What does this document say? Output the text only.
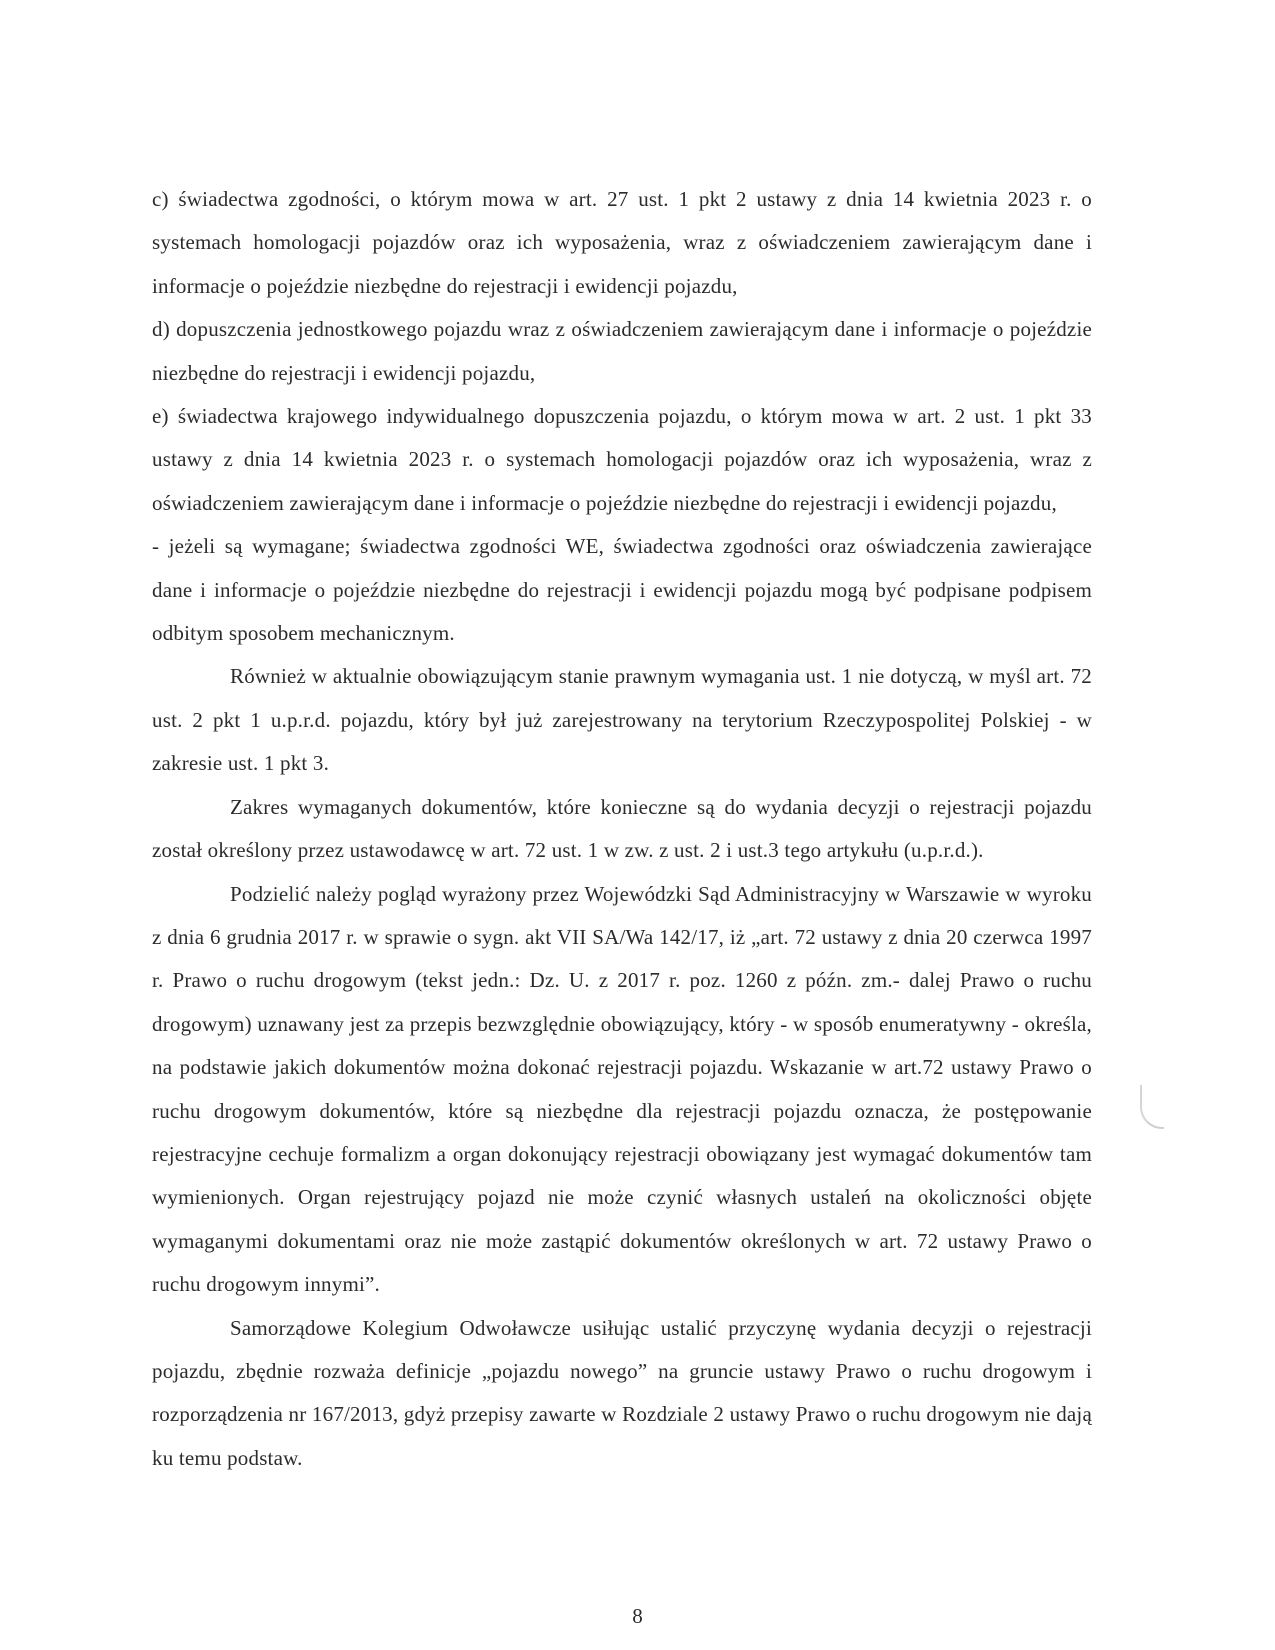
c) świadectwa zgodności, o którym mowa w art. 27 ust. 1 pkt 2 ustawy z dnia 14 kwietnia 2023 r. o systemach homologacji pojazdów oraz ich wyposażenia, wraz z oświadczeniem zawierającym dane i informacje o pojeździe niezbędne do rejestracji i ewidencji pojazdu,

d) dopuszczenia jednostkowego pojazdu wraz z oświadczeniem zawierającym dane i informacje o pojeździe niezbędne do rejestracji i ewidencji pojazdu,

e) świadectwa krajowego indywidualnego dopuszczenia pojazdu, o którym mowa w art. 2 ust. 1 pkt 33 ustawy z dnia 14 kwietnia 2023 r. o systemach homologacji pojazdów oraz ich wyposażenia, wraz z oświadczeniem zawierającym dane i informacje o pojeździe niezbędne do rejestracji i ewidencji pojazdu,

- jeżeli są wymagane; świadectwa zgodności WE, świadectwa zgodności oraz oświadczenia zawierające dane i informacje o pojeździe niezbędne do rejestracji i ewidencji pojazdu mogą być podpisane podpisem odbitym sposobem mechanicznym.

Również w aktualnie obowiązującym stanie prawnym wymagania ust. 1 nie dotyczą, w myśl art. 72 ust. 2 pkt 1 u.p.r.d. pojazdu, który był już zarejestrowany na terytorium Rzeczypospolitej Polskiej - w zakresie ust. 1 pkt 3.

Zakres wymaganych dokumentów, które konieczne są do wydania decyzji o rejestracji pojazdu został określony przez ustawodawcę w art. 72 ust. 1 w zw. z ust. 2 i ust.3 tego artykułu (u.p.r.d.).

Podzielić należy pogląd wyrażony przez Wojewódzki Sąd Administracyjny w Warszawie w wyroku z dnia 6 grudnia 2017 r. w sprawie o sygn. akt VII SA/Wa 142/17, iż „art. 72 ustawy z dnia 20 czerwca 1997 r. Prawo o ruchu drogowym (tekst jedn.: Dz. U. z 2017 r. poz. 1260 z późn. zm.- dalej Prawo o ruchu drogowym) uznawany jest za przepis bezwzględnie obowiązujący, który - w sposób enumeratywny - określa, na podstawie jakich dokumentów można dokonać rejestracji pojazdu. Wskazanie w art.72 ustawy Prawo o ruchu drogowym dokumentów, które są niezbędne dla rejestracji pojazdu oznacza, że postępowanie rejestracyjne cechuje formalizm a organ dokonujący rejestracji obowiązany jest wymagać dokumentów tam wymienionych. Organ rejestrujący pojazd nie może czynić własnych ustaleń na okoliczności objęte wymaganymi dokumentami oraz nie może zastąpić dokumentów określonych w art. 72 ustawy Prawo o ruchu drogowym innymi”.

Samorządowe Kolegium Odwoławcze usiłując ustalić przyczynę wydania decyzji o rejestracji pojazdu, zbędnie rozważa definicje „pojazdu nowego” na gruncie ustawy Prawo o ruchu drogowym i rozporządzenia nr 167/2013, gdyż przepisy zawarte w Rozdziale 2 ustawy Prawo o ruchu drogowym nie dają ku temu podstaw.

8
